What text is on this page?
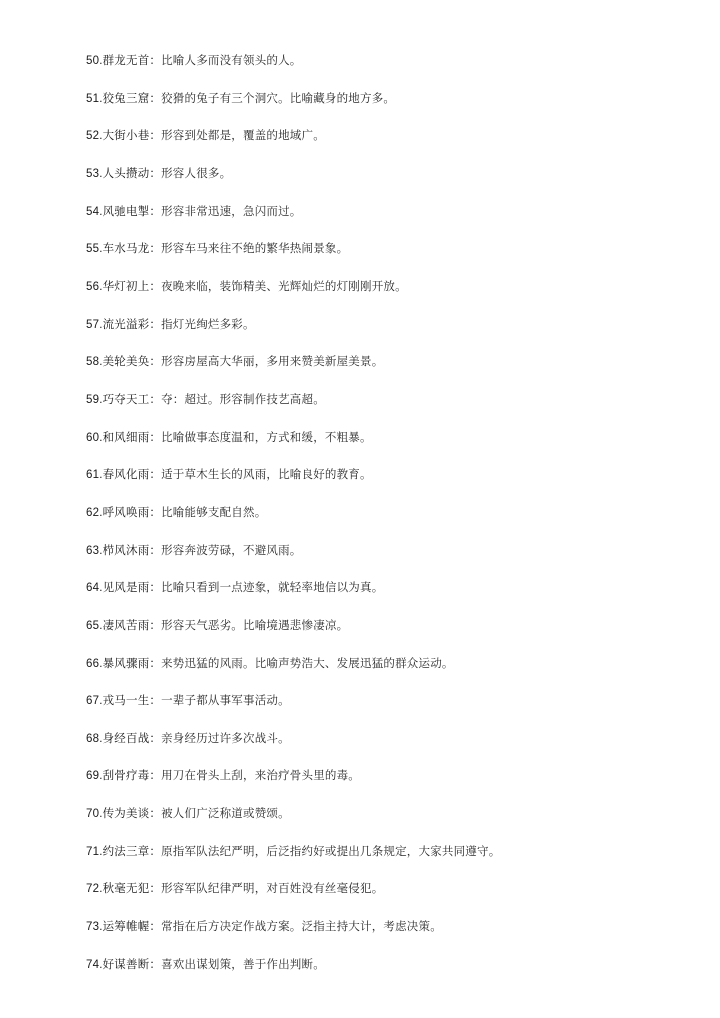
50.群龙无首：比喻人多而没有领头的人。
51.狡兔三窟：狡猾的兔子有三个洞穴。比喻藏身的地方多。
52.大街小巷：形容到处都是，覆盖的地域广。
53.人头攒动：形容人很多。
54.风驰电掣：形容非常迅速，急闪而过。
55.车水马龙：形容车马来往不绝的繁华热闹景象。
56.华灯初上：夜晚来临，装饰精美、光辉灿烂的灯刚刚开放。
57.流光溢彩：指灯光绚烂多彩。
58.美轮美奂：形容房屋高大华丽，多用来赞美新屋美景。
59.巧夺天工：夺：超过。形容制作技艺高超。
60.和风细雨：比喻做事态度温和，方式和缓，不粗暴。
61.春风化雨：适于草木生长的风雨，比喻良好的教育。
62.呼风唤雨：比喻能够支配自然。
63.栉风沐雨：形容奔波劳碌，不避风雨。
64.见风是雨：比喻只看到一点迹象，就轻率地信以为真。
65.凄风苦雨：形容天气恶劣。比喻境遇悲惨凄凉。
66.暴风骤雨：来势迅猛的风雨。比喻声势浩大、发展迅猛的群众运动。
67.戎马一生：一辈子都从事军事活动。
68.身经百战：亲身经历过许多次战斗。
69.刮骨疗毒：用刀在骨头上刮，来治疗骨头里的毒。
70.传为美谈：被人们广泛称道或赞颂。
71.约法三章：原指军队法纪严明，后泛指约好或提出几条规定，大家共同遵守。
72.秋毫无犯：形容军队纪律严明，对百姓没有丝毫侵犯。
73.运筹帷幄：常指在后方决定作战方案。泛指主持大计，考虑决策。
74.好谋善断：喜欢出谋划策，善于作出判断。
